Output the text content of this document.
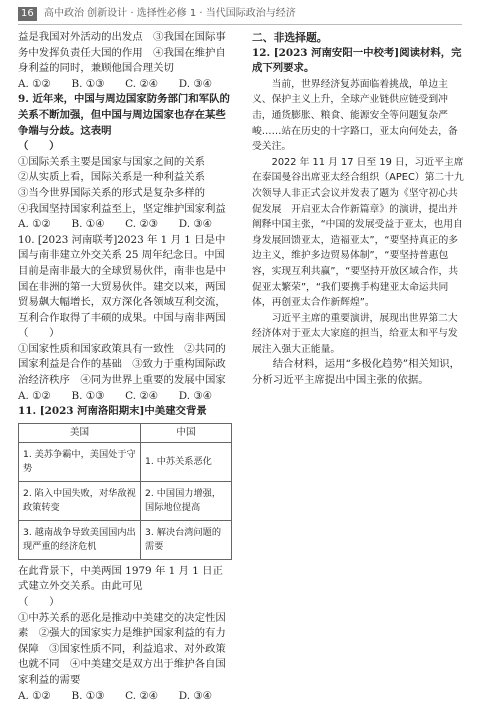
16	高中政治 创新设计 · 选择性必修 1 · 当代国际政治与经济

益是我国对外活动的出发点　③我国在国际事务中发挥负责任大国的作用　④我国在维护自身利益的同时，兼顾他国合理关切

A. ①②　　B. ①③　　C. ②④　　D. ③④

9. 近年来，中国与周边国家防务部门和军队的关系不断加强，但中国与周边国家也存在某些争端与分歧。这表明　　　　　　　　　（　　）

①国际关系主要是国家与国家之间的关系

②从实质上看，国际关系是一种利益关系

③当今世界国际关系的形式是复杂多样的

④我国坚持国家利益至上，坚定维护国家利益

A. ①②　　B. ①④　　C. ②③　　D. ③④

10. [2023 河南联考]2023 年 1 月 1 日是中国与南非建立外交关系 25 周年纪念日。中国目前是南非最大的全球贸易伙伴，南非也是中国在非洲的第一大贸易伙伴。建交以来，两国贸易飙大幅增长，双方深化各领域互利交流，互利合作取得了丰硕的成果。中国与南非两国（　　）

①国家性质和国家政策具有一致性　②共同的国家利益是合作的基础　③致力于重构国际政治经济秩序　④同为世界上重要的发展中国家

A. ①②　　B. ①③　　C. ②④　　D. ③④

11. [2023 河南洛阳期末]中美建交背景

美国	中国
1. 美苏争霸中，美国处于守势	1. 中苏关系恶化
2. 陷入中国失败，对华敌视政策转变	2. 中国国力增强，国际地位提高
3. 越南战争导致美国国内出现严重的经济危机	3. 解决台湾问题的需要

在此背景下，中美两国 1979 年 1 月 1 日正式建立外交关系。由此可见　　　　　　　（　　）

①中苏关系的恶化是推动中美建交的决定性因素　②强大的国家实力是维护国家利益的有力保障　③国家性质不同，利益追求、对外政策也就不同　④中美建交是双方出于维护各自国家利益的需要

A. ①②　　B. ①③　　C. ②④　　D. ③④

二、非选择题。

12. [2023 河南安阳一中校考]阅读材料，完成下列要求。

当前，世界经济复苏面临着挑战，单边主义、保护主义上升，全球产业链供应链受到冲击，通货膨胀、粮食、能源安全等问题复杂严峻……站在历史的十字路口，亚太向何处去，备受关注。

2022 年 11 月 17 日至 19 日，习近平主席在泰国曼谷出席亚太经合组织（APEC）第二十九次领导人非正式会议并发表了题为《坚守初心共促发展　开启亚太合作新篇章》的演讲，提出并阐释中国主张，“中国的发展受益于亚太，也用自身发展回馈亚太，造福亚太”，“要坚持真正的多边主义，维护多边贸易体制”，“要坚持普惠包容，实现互利共赢”，“要坚持开放区域合作，共促亚太繁荣”，“我们要携手构建亚太命运共同体，再创亚太合作新辉煌”。

习近平主席的重要演讲，展现出世界第二大经济体对于亚太大家庭的担当，给亚太和平与发展注入强大正能量。

结合材料，运用“多极化趋势”相关知识，分析习近平主席提出中国主张的依据。
